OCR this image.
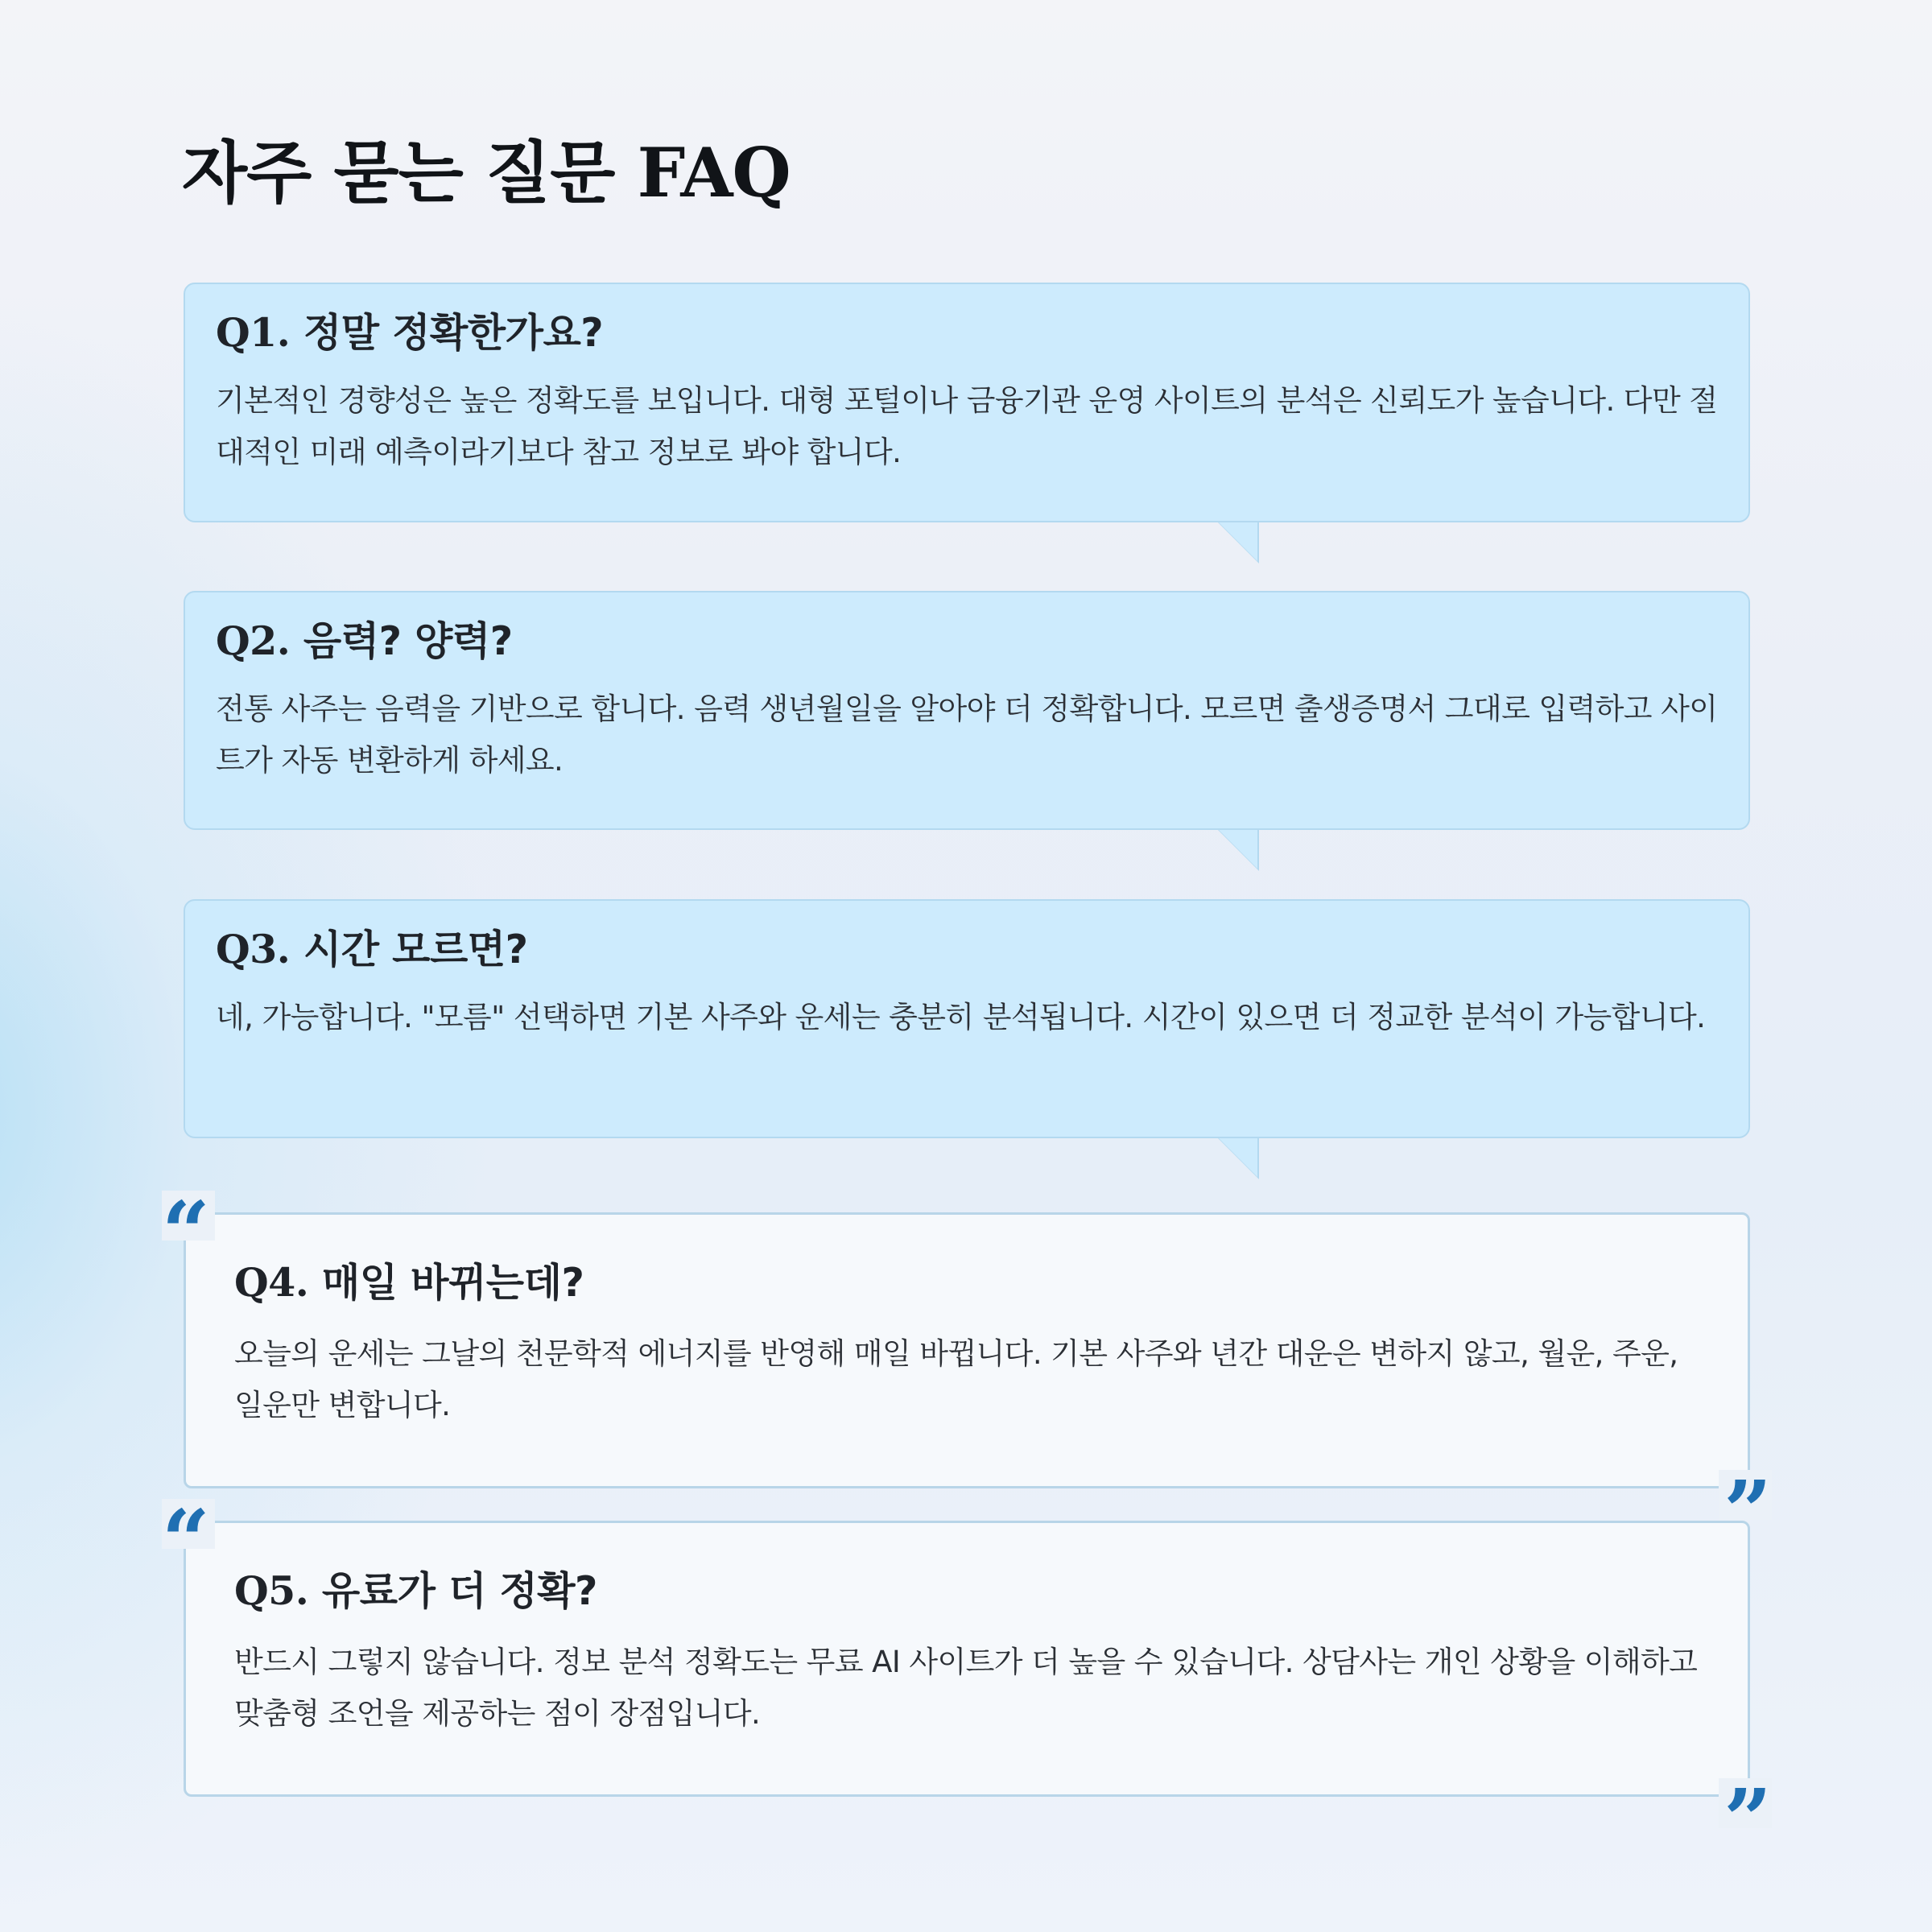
자주 묻는 질문 FAQ
Q1. 정말 정확한가요?

기본적인 경향성은 높은 정확도를 보입니다. 대형 포털이나 금융기관 운영 사이트의 분석은 신뢰도가 높습니다. 다만 절대적인 미래 예측이라기보다 참고 정보로 봐야 합니다.

Q2. 음력? 양력?

전통 사주는 음력을 기반으로 합니다. 음력 생년월일을 알아야 더 정확합니다. 모르면 출생증명서 그대로 입력하고 사이트가 자동 변환하게 하세요.

Q3. 시간 모르면?

네, 가능합니다. "모름" 선택하면 기본 사주와 운세는 충분히 분석됩니다. 시간이 있으면 더 정교한 분석이 가능합니다.

“
Q4. 매일 바뀌는데?

오늘의 운세는 그날의 천문학적 에너지를 반영해 매일 바뀝니다. 기본 사주와 년간 대운은 변하지 않고, 월운, 주운, 일운만 변합니다.

”
“
Q5. 유료가 더 정확?

반드시 그렇지 않습니다. 정보 분석 정확도는 무료 AI 사이트가 더 높을 수 있습니다. 상담사는 개인 상황을 이해하고 맞춤형 조언을 제공하는 점이 장점입니다.

”
